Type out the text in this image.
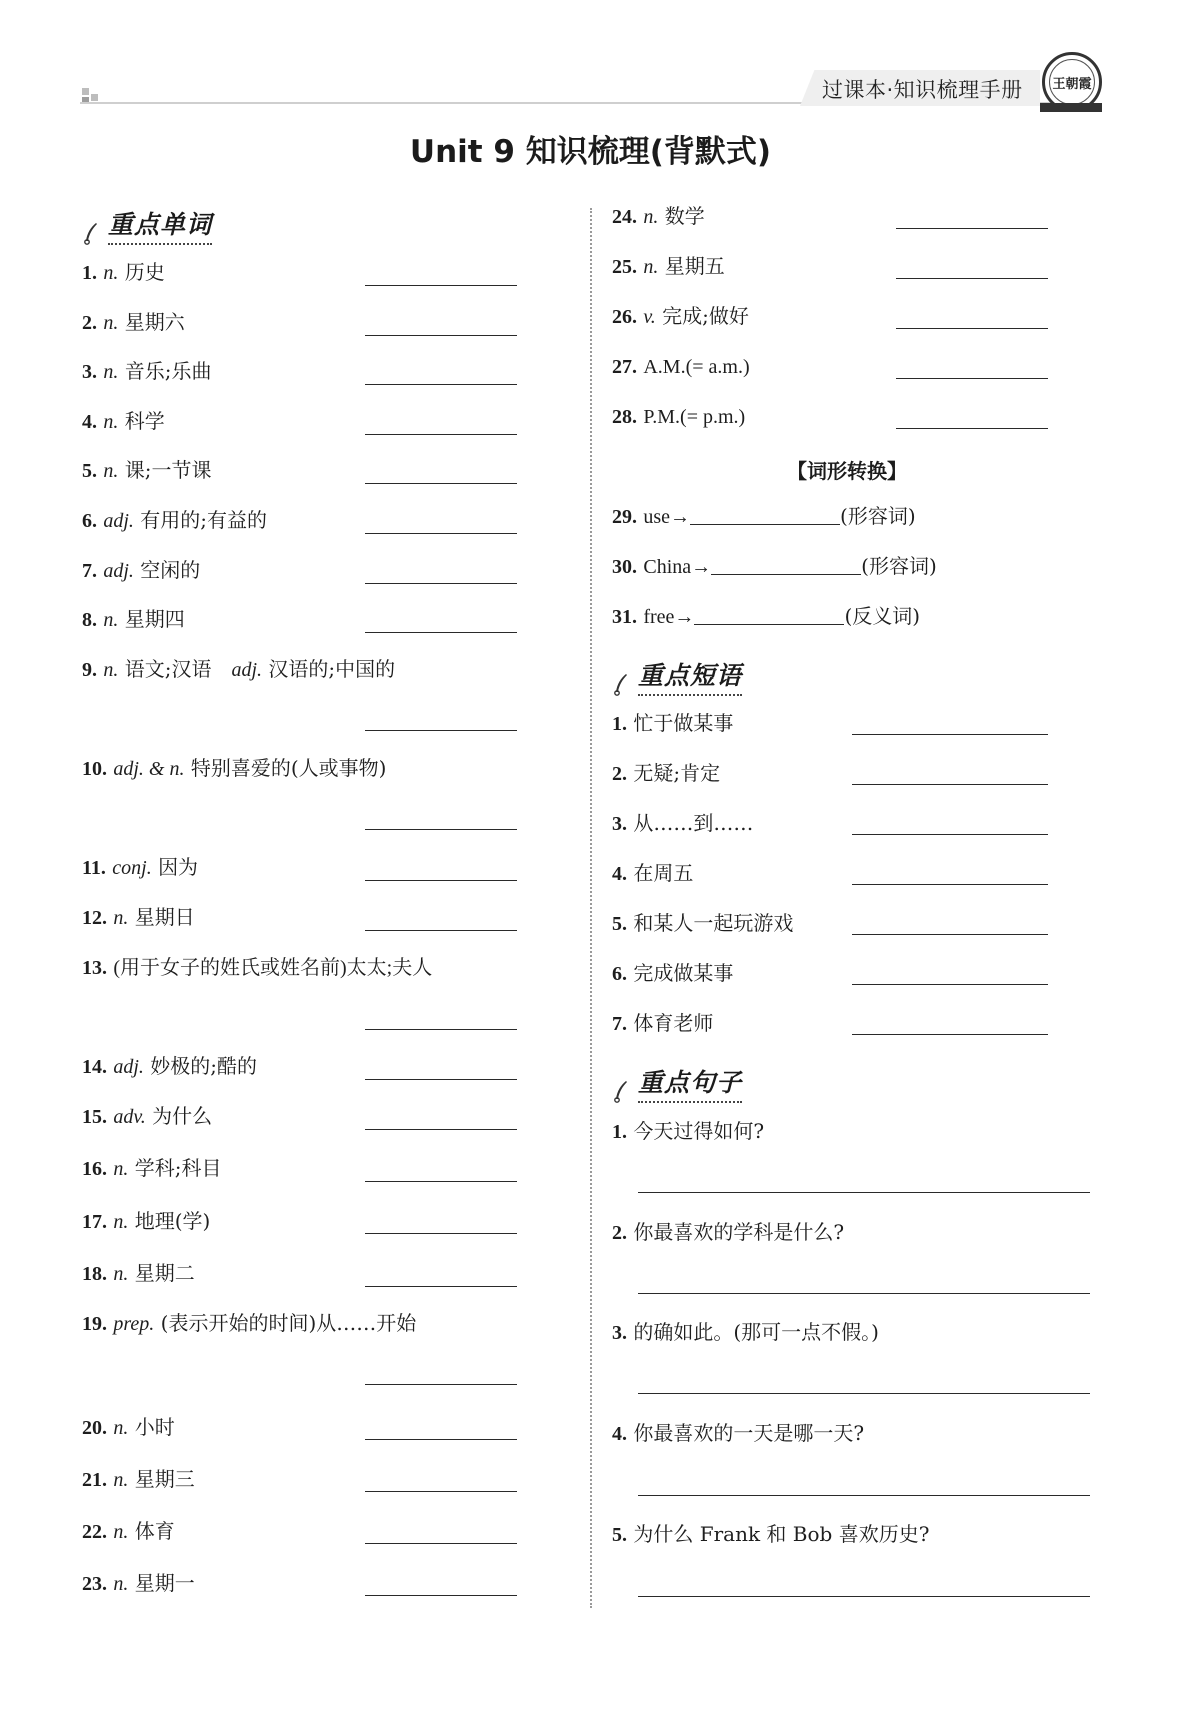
过课本·知识梳理手册 王朝霞
Unit 9 知识梳理(背默式)
重点单词
重点短语
重点句子
1. n. 历史
2. n. 星期六
3. n. 音乐;乐曲
4. n. 科学
5. n. 课;一节课
6. adj. 有用的;有益的
7. adj. 空闲的
8. n. 星期四
9. n. 语文;汉语  adj. 汉语的;中国的
10. adj. & n. 特别喜爱的(人或事物)
11. conj. 因为
12. n. 星期日
13. (用于女子的姓氏或姓名前)太太;夫人
14. adj. 妙极的;酷的
15. adv. 为什么
16. n. 学科;科目
17. n. 地理(学)
18. n. 星期二
19. prep. (表示开始的时间)从……开始
20. n. 小时
21. n. 星期三
22. n. 体育
23. n. 星期一
24. n. 数学
25. n. 星期五
26. v. 完成;做好
27. A.M.(= a.m.)
28. P.M.(= p.m.)
【词形转换】
29. use→	(形容词)
30. China→	(形容词)
31. free→	(反义词)
1. 忙于做某事
2. 无疑;肯定
3. 从……到……
4. 在周五
5. 和某人一起玩游戏
6. 完成做某事
7. 体育老师
1. 今天过得如何?
2. 你最喜欢的学科是什么?
3. 的确如此。(那可一点不假。)
4. 你最喜欢的一天是哪一天?
5. 为什么 Frank 和 Bob 喜欢历史?
